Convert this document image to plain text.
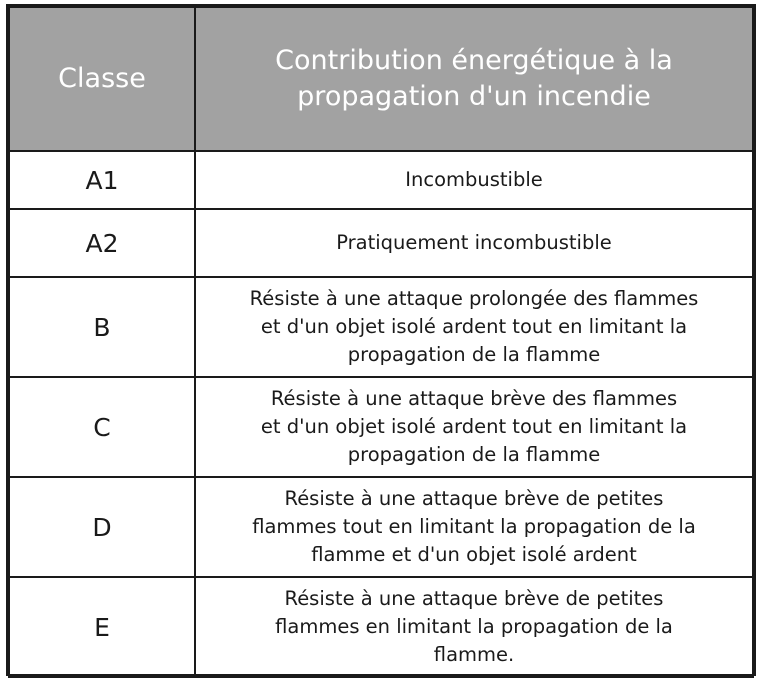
Classe	Contribution énergétique à la
propagation d'un incendie
A1	Incombustible
A2	Pratiquement incombustible
B	Résiste à une attaque prolongée des flammes
et d'un objet isolé ardent tout en limitant la
propagation de la flamme
C	Résiste à une attaque brève des flammes
et d'un objet isolé ardent tout en limitant la
propagation de la flamme
D	Résiste à une attaque brève de petites
flammes tout en limitant la propagation de la
flamme et d'un objet isolé ardent
E	Résiste à une attaque brève de petites
flammes en limitant la propagation de la
flamme.
